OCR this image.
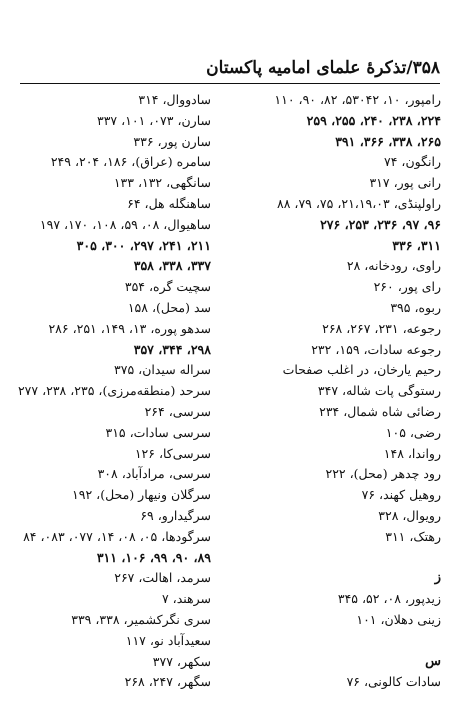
۳۵۸/تذکرهٔ علمای امامیه پاکستان
رامپور، ۱۰، ۵۳۰۴۲، ۸۲، ۹۰، ۱۱۰
۲۲۴، ۲۳۸، ۲۴۰، ۲۵۵، ۲۵۹
۲۶۵، ۳۳۸، ۳۶۶، ۳۹۱
رانگون، ۷۴
رانی پور، ۳۱۷
راولپنڈی، ۲۱،۱۹،۰۳، ۷۵، ۷۹، ۸۸
۹۶، ۹۷، ۲۳۶، ۲۵۳، ۲۷۶
۳۱۱، ۳۳۶
راوی، رودخانه، ۲۸
رای پور، ۲۶۰
ربوه، ۳۹۵
رجوعه، ۲۳۱، ۲۶۷، ۲۶۸
رجوعه سادات، ۱۵۹، ۲۳۲
رحیم یارخان، در اغلب صفحات
رستوگی پات شاله، ۳۴۷
رضائی شاه شمال، ۲۳۴
رضی، ۱۰۵
رواندا، ۱۴۸
رود چدهر (محل)، ۲۲۲
روهیل کهند، ۷۶
رویوال، ۳۲۸
رهتک، ۳۱۱
ز
زیدپور، ۰۸، ۵۲، ۳۴۵
زینی دهلان، ۱۰۱
س
سادات کالونی، ۷۶
سادووال، ۳۱۴
سارن، ۰۷۳، ۱۰۱، ۳۳۷
سارن پور، ۳۳۶
سامره (عراق)، ۱۸۶، ۲۰۴، ۲۴۹
سانگهی، ۱۳۲، ۱۳۳
ساهنگله هل، ۶۴
ساهیوال، ۰۸، ۵۹، ۱۰۸، ۱۷۰، ۱۹۷
۲۱۱، ۲۴۱، ۲۹۷، ۳۰۰، ۳۰۵
۳۳۷، ۳۳۸، ۳۵۸
سچیت گره، ۳۵۴
سد (محل)، ۱۵۸
سدهو پوره، ۱۳، ۱۴۹، ۲۵۱، ۲۸۶
۲۹۸، ۳۴۴، ۳۵۷
سراله سیدان، ۳۷۵
سرحد (منطقه‌مرزی)، ۲۳۵، ۲۳۸، ۲۷۷
سرسی، ۲۶۴
سرسی سادات، ۳۱۵
سرسی‌کا، ۱۲۶
سرسی، مرادآباد، ۳۰۸
سرگلان ونیهار (محل)، ۱۹۲
سرگیدارو، ۶۹
سرگودها، ۰۵، ۰۸، ۱۴، ۰۷۷، ۰۸۳، ۸۴
۸۹، ۹۰، ۹۹، ۱۰۶، ۳۱۱
سرمد، اهالت، ۲۶۷
سرهند، ۷
سری نگرکشمیر، ۳۳۸، ۳۳۹
سعیدآباد نو، ۱۱۷
سکهر، ۳۷۷
سگهر، ۲۴۷، ۲۶۸
